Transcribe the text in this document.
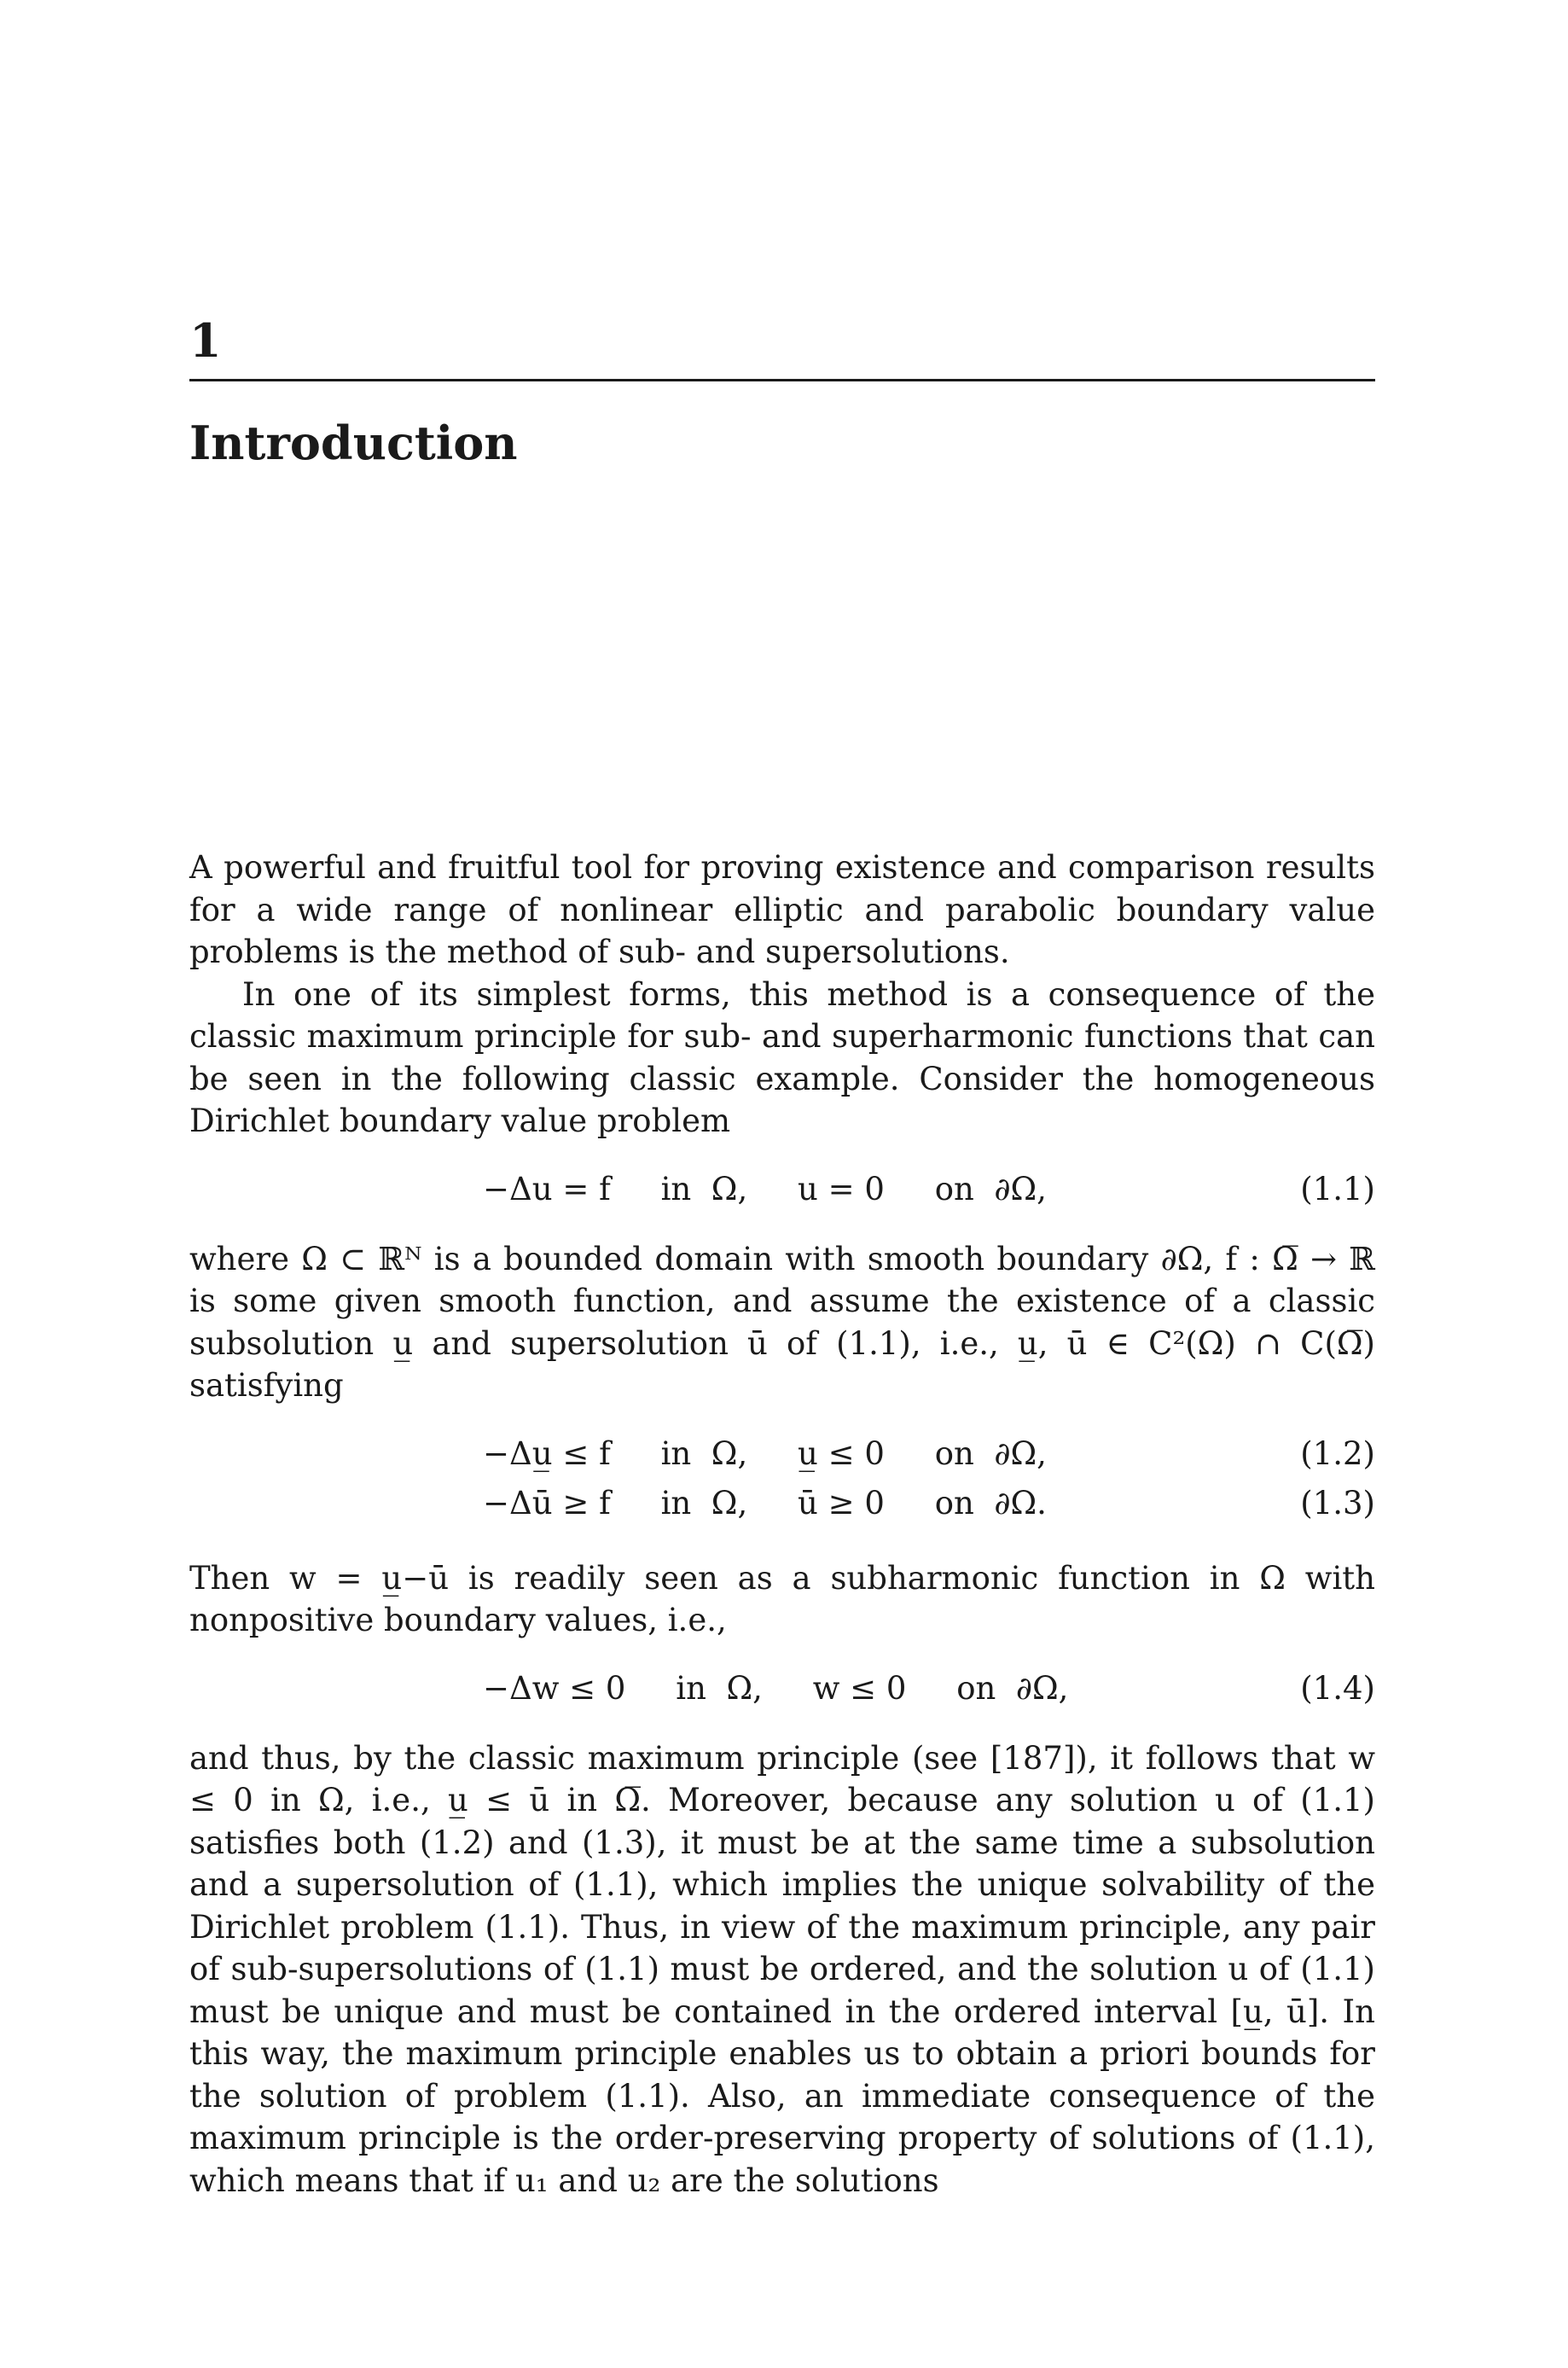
1
Introduction

A powerful and fruitful tool for proving existence and comparison results for a wide range of nonlinear elliptic and parabolic boundary value problems is the method of sub- and supersolutions.

In one of its simplest forms, this method is a consequence of the classic maximum principle for sub- and superharmonic functions that can be seen in the following classic example. Consider the homogeneous Dirichlet boundary value problem

−Δu = f     in  Ω,     u = 0     on  ∂Ω,	(1.1)

where Ω ⊂ ℝᴺ is a bounded domain with smooth boundary ∂Ω, f : Ω̅ → ℝ is some given smooth function, and assume the existence of a classic subsolution u̲ and supersolution ū of (1.1), i.e., u̲, ū ∈ C²(Ω) ∩ C(Ω̅) satisfying

−Δu̲ ≤ f     in  Ω,     u̲ ≤ 0     on  ∂Ω,	(1.2)
−Δū ≥ f     in  Ω,     ū ≥ 0     on  ∂Ω.	(1.3)

Then w = u̲−ū is readily seen as a subharmonic function in Ω with nonpositive boundary values, i.e.,

−Δw ≤ 0     in  Ω,     w ≤ 0     on  ∂Ω,	(1.4)

and thus, by the classic maximum principle (see [187]), it follows that w ≤ 0 in Ω, i.e., u̲ ≤ ū in Ω̅. Moreover, because any solution u of (1.1) satisfies both (1.2) and (1.3), it must be at the same time a subsolution and a supersolution of (1.1), which implies the unique solvability of the Dirichlet problem (1.1). Thus, in view of the maximum principle, any pair of sub-supersolutions of (1.1) must be ordered, and the solution u of (1.1) must be unique and must be contained in the ordered interval [u̲, ū]. In this way, the maximum principle enables us to obtain a priori bounds for the solution of problem (1.1). Also, an immediate consequence of the maximum principle is the order-preserving property of solutions of (1.1), which means that if u₁ and u₂ are the solutions
